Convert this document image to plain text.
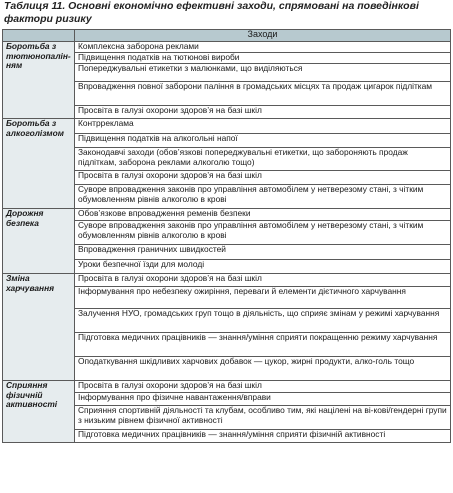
Таблиця 11. Основні економічно ефективні заходи, спрямовані на поведінкові фактори ризику
	Заходи
Боротьба з тютюнопалін-ням	Комплексна заборона реклами
	Підвищення податків на тютюнові вироби
	Попереджувальні етикетки з малюнками, що виділяються
	Впровадження повної заборони паління в громадських місцях та продаж цигарок підліткам
	Просвіта в галузі охорони здоров’я на базі шкіл
Боротьба з алкоголізмом	Контрреклама
	Підвищення податків на алкогольні напої
	Законодавчі заходи (обов’язкові попереджувальні етикетки, що забороняють продаж підліткам, заборона реклами алкоголю тощо)
	Просвіта в галузі охорони здоров’я на базі шкіл
	Суворе впровадження законів про управління автомобілем у нетверезому стані, з чітким обумовленням рівнів алкоголю в крові
Дорожня безпека	Обов’язкове впровадження ременів безпеки
	Суворе впровадження законів про управління автомобілем у нетверезому стані, з чітким обумовленням рівнів алкоголю в крові
	Впровадження граничних швидкостей
	Уроки безпечної їзди для молоді
Зміна харчування	Просвіта в галузі охорони здоров’я на базі шкіл
	Інформування про небезпеку ожиріння, переваги й елементи дієтичного харчування
	Залучення НУО, громадських груп тощо в діяльність, що сприяє змінам у режимі харчування
	Підготовка медичних працівників — знання/уміння сприяти покращенню режиму харчування
	Оподаткування шкідливих харчових добавок — цукор, жирні продукти, алко-голь тощо
Сприяння фізичній активності	Просвіта в галузі охорони здоров’я на базі шкіл
	Інформування про фізичне навантаження/вправи
	Сприяння спортивній діяльності та клубам, особливо тим, які націлені на ві-кові/гендерні групи з низьким рівнем фізичної активності
	Підготовка медичних працівників — знання/уміння сприяти фізичній активності
